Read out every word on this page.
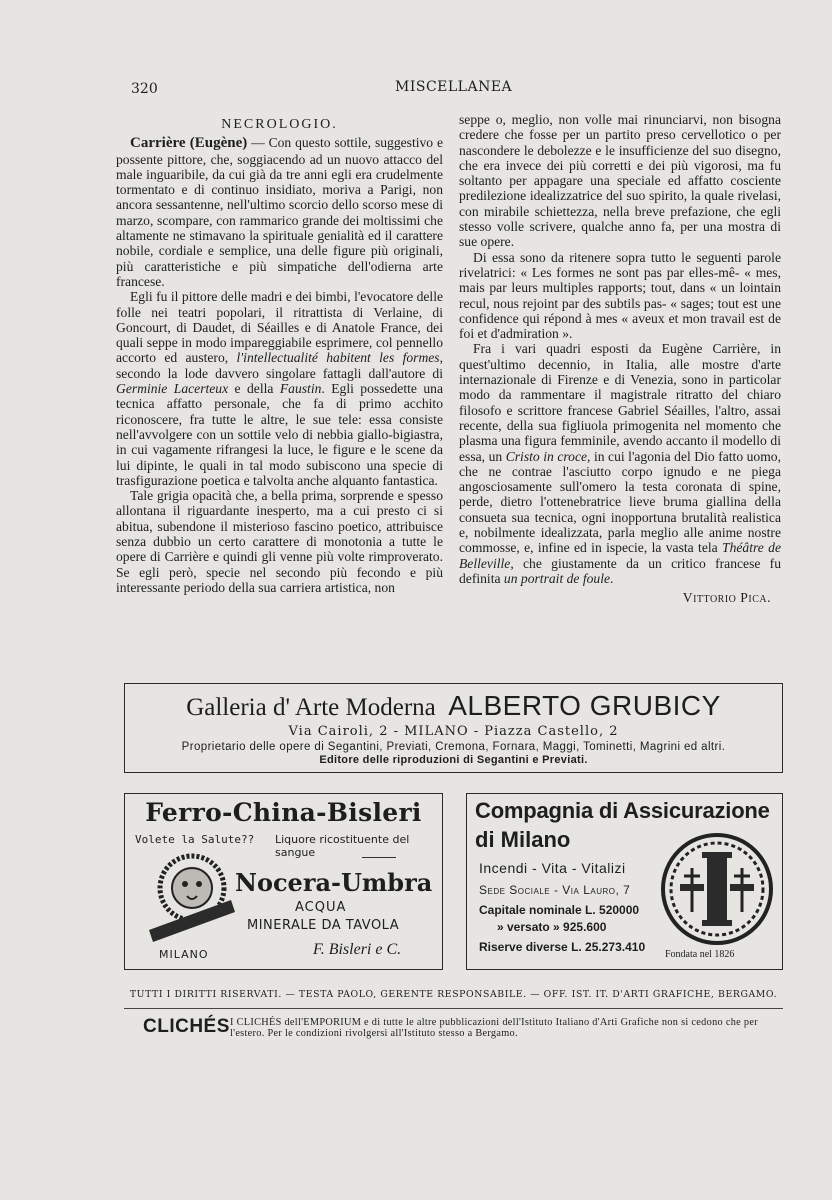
320	MISCELLANEA
NECROLOGIO.

Carrière (Eugène) — Con questo sottile, suggestivo e possente pittore, che, soggiacendo ad un nuovo attacco del male inguaribile, da cui già da tre anni egli era crudelmente tormentato e di continuo insidiato, moriva a Parigi, non ancora sessantenne, nell'ultimo scorcio dello scorso mese di marzo, scompare, con rammarico grande dei moltissimi che altamente ne stimavano la spirituale genialità ed il carattere nobile, cordiale e semplice, una delle figure più originali, più caratteristiche e più simpatiche dell'odierna arte francese.

Egli fu il pittore delle madri e dei bimbi, l'evocatore delle folle nei teatri popolari, il ritrattista di Verlaine, di Goncourt, di Daudet, di Séailles e di Anatole France, dei quali seppe in modo impareggiabile esprimere, col pennello accorto ed austero, l'intellectualité habitent les formes, secondo la lode davvero singolare fattagli dall'autore di Germinie Lacerteux e della Faustin. Egli possedette una tecnica affatto personale, che fa di primo acchito riconoscere, fra tutte le altre, le sue tele: essa consiste nell'avvolgere con un sottile velo di nebbia giallo-bigiastra, in cui vagamente rifrangesi la luce, le figure e le scene da lui dipinte, le quali in tal modo subiscono una specie di trasfigurazione poetica e talvolta anche alquanto fantastica.

Tale grigia opacità che, a bella prima, sorprende e spesso allontana il riguardante inesperto, ma a cui presto ci si abitua, subendone il misterioso fascino poetico, attribuisce senza dubbio un certo carattere di monotonia a tutte le opere di Carrière e quindi gli venne più volte rimproverato. Se egli però, specie nel secondo più fecondo e più interessante periodo della sua carriera artistica, non

seppe o, meglio, non volle mai rinunciarvi, non bisogna credere che fosse per un partito preso cervellotico o per nascondere le debolezze e le insufficienze del suo disegno, che era invece dei più corretti e dei più vigorosi, ma fu soltanto per appagare una speciale ed affatto cosciente predilezione idealizzatrice del suo spirito, la quale rivelasi, con mirabile schiettezza, nella breve prefazione, che egli stesso volle scrivere, qualche anno fa, per una mostra di sue opere.

Di essa sono da ritenere sopra tutto le seguenti parole rivelatrici: « Les formes ne sont pas par elles-mê- « mes, mais par leurs multiples rapports; tout, dans « un lointain recul, nous rejoint par des subtils pas- « sages; tout est une confidence qui répond à mes « aveux et mon travail est de foi et d'admiration ».

Fra i vari quadri esposti da Eugène Carrière, in quest'ultimo decennio, in Italia, alle mostre d'arte internazionale di Firenze e di Venezia, sono in particolar modo da rammentare il magistrale ritratto del chiaro filosofo e scrittore francese Gabriel Séailles, l'altro, assai recente, della sua figliuola primogenita nel momento che plasma una figura femminile, avendo accanto il modello di essa, un Cristo in croce, in cui l'agonia del Dio fatto uomo, che ne contrae l'asciutto corpo ignudo e ne piega angosciosamente sull'omero la testa coronata di spine, perde, dietro l'ottenebratrice lieve bruma giallina della consueta sua tecnica, ogni inopportuna brutalità realistica e, nobilmente idealizzata, parla meglio alle anime nostre commosse, e, infine ed in ispecie, la vasta tela Théâtre de Belleville, che giustamente da un critico francese fu definita un portrait de foule.

Vittorio Pica.
Galleria d' Arte Moderna ALBERTO GRUBICY
Via Cairoli, 2 - MILANO - Piazza Castello, 2
Proprietario delle opere di Segantini, Previati, Cremona, Fornara, Maggi, Tominetti, Magrini ed altri.
Editore delle riproduzioni di Segantini e Previati.
Ferro-China-Bisleri
Volete la Salute?? Liquore ricostituente del sangue
Nocera-Umbra
ACQUA
MINERALE DA TAVOLA
MILANO	F. Bisleri e C.
Compagnia di Assicurazione
di Milano
Incendi - Vita - Vitalizi
Sede Sociale - Via Lauro, 7
Capitale nominale L. 520000
» versato » 925.600
Riserve diverse L. 25.273.410
Fondata nel 1826
TUTTI I DIRITTI RISERVATI. — TESTA PAOLO, GERENTE RESPONSABILE. — OFF. IST. IT. D'ARTI GRAFICHE, BERGAMO.
CLICHÉS I CLICHÉS dell'EMPORIUM e di tutte le altre pubblicazioni dell'Istituto Italiano d'Arti Grafiche non si cedono che per l'estero. Per le condizioni rivolgersi all'Istituto stesso a Bergamo.
